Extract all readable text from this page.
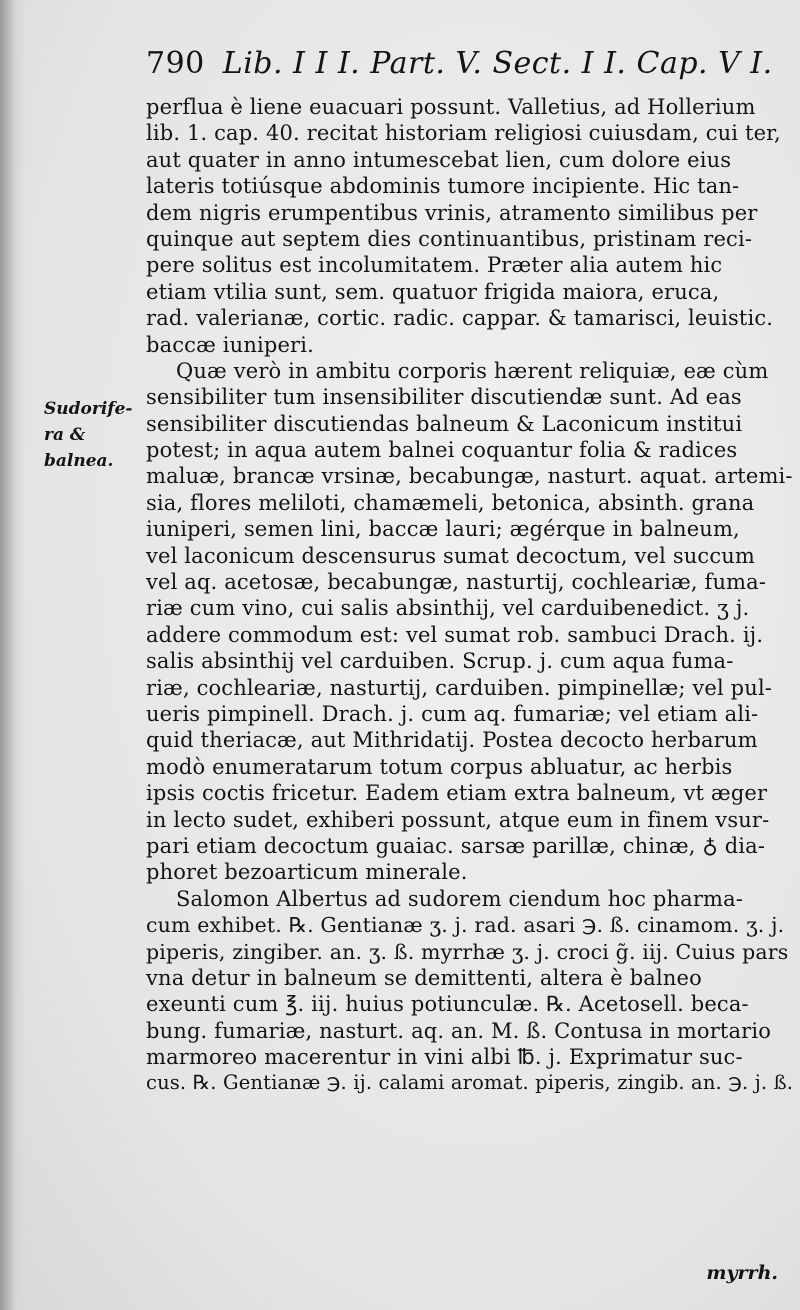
790 Lib. I I I. Part. V. Sect. I I. Cap. V I.
Sudorife-
ra &
balnea.
perflua è liene euacuari possunt. Valletius, ad Hollerium
lib. 1. cap. 40. recitat historiam religiosi cuiusdam, cui ter,
aut quater in anno intumescebat lien, cum dolore eius
lateris totiúsque abdominis tumore incipiente. Hic tan-
dem nigris erumpentibus vrinis, atramento similibus per
quinque aut septem dies continuantibus, pristinam reci-
pere solitus est incolumitatem. Præter alia autem hic
etiam vtilia sunt, sem. quatuor frigida maiora, eruca,
rad. valerianæ, cortic. radic. cappar. & tamarisci, leuistic.
baccæ iuniperi.
Quæ verò in ambitu corporis hærent reliquiæ, eæ cùm
sensibiliter tum insensibiliter discutiendæ sunt. Ad eas
sensibiliter discutiendas balneum & Laconicum institui
potest; in aqua autem balnei coquantur folia & radices
maluæ, brancæ vrsinæ, becabungæ, nasturt. aquat. artemi-
sia, flores meliloti, chamæmeli, betonica, absinth. grana
iuniperi, semen lini, baccæ lauri; ægérque in balneum,
vel laconicum descensurus sumat decoctum, vel succum
vel aq. acetosæ, becabungæ, nasturtij, cochleariæ, fuma-
riæ cum vino, cui salis absinthij, vel carduibenedict. ʒ j.
addere commodum est: vel sumat rob. sambuci Drach. ij.
salis absinthij vel carduiben. Scrup. j. cum aqua fuma-
riæ, cochleariæ, nasturtij, carduiben. pimpinellæ; vel pul-
ueris pimpinell. Drach. j. cum aq. fumariæ; vel etiam ali-
quid theriacæ, aut Mithridatij. Postea decocto herbarum
modò enumeratarum totum corpus abluatur, ac herbis
ipsis coctis fricetur. Eadem etiam extra balneum, vt æger
in lecto sudet, exhiberi possunt, atque eum in finem vsur-
pari etiam decoctum guaiac. sarsæ parillæ, chinæ, ♁ dia-
phoret bezoarticum minerale.
Salomon Albertus ad sudorem ciendum hoc pharma-
cum exhibet. ℞. Gentianæ ʒ. j. rad. asari ℈. ß. cinamom. ʒ. j.
piperis, zingiber. an. ʒ. ß. myrrhæ ʒ. j. croci g̃. iij. Cuius pars
vna detur in balneum se demittenti, altera è balneo
exeunti cum ℥. iij. huius potiunculæ. ℞. Acetosell. beca-
bung. fumariæ, nasturt. aq. an. M. ß. Contusa in mortario
marmoreo macerentur in vini albi ℔. j. Exprimatur suc-
cus. ℞. Gentianæ ℈. ij. calami aromat. piperis, zingib. an. ℈. j. ß.
myrrh.
